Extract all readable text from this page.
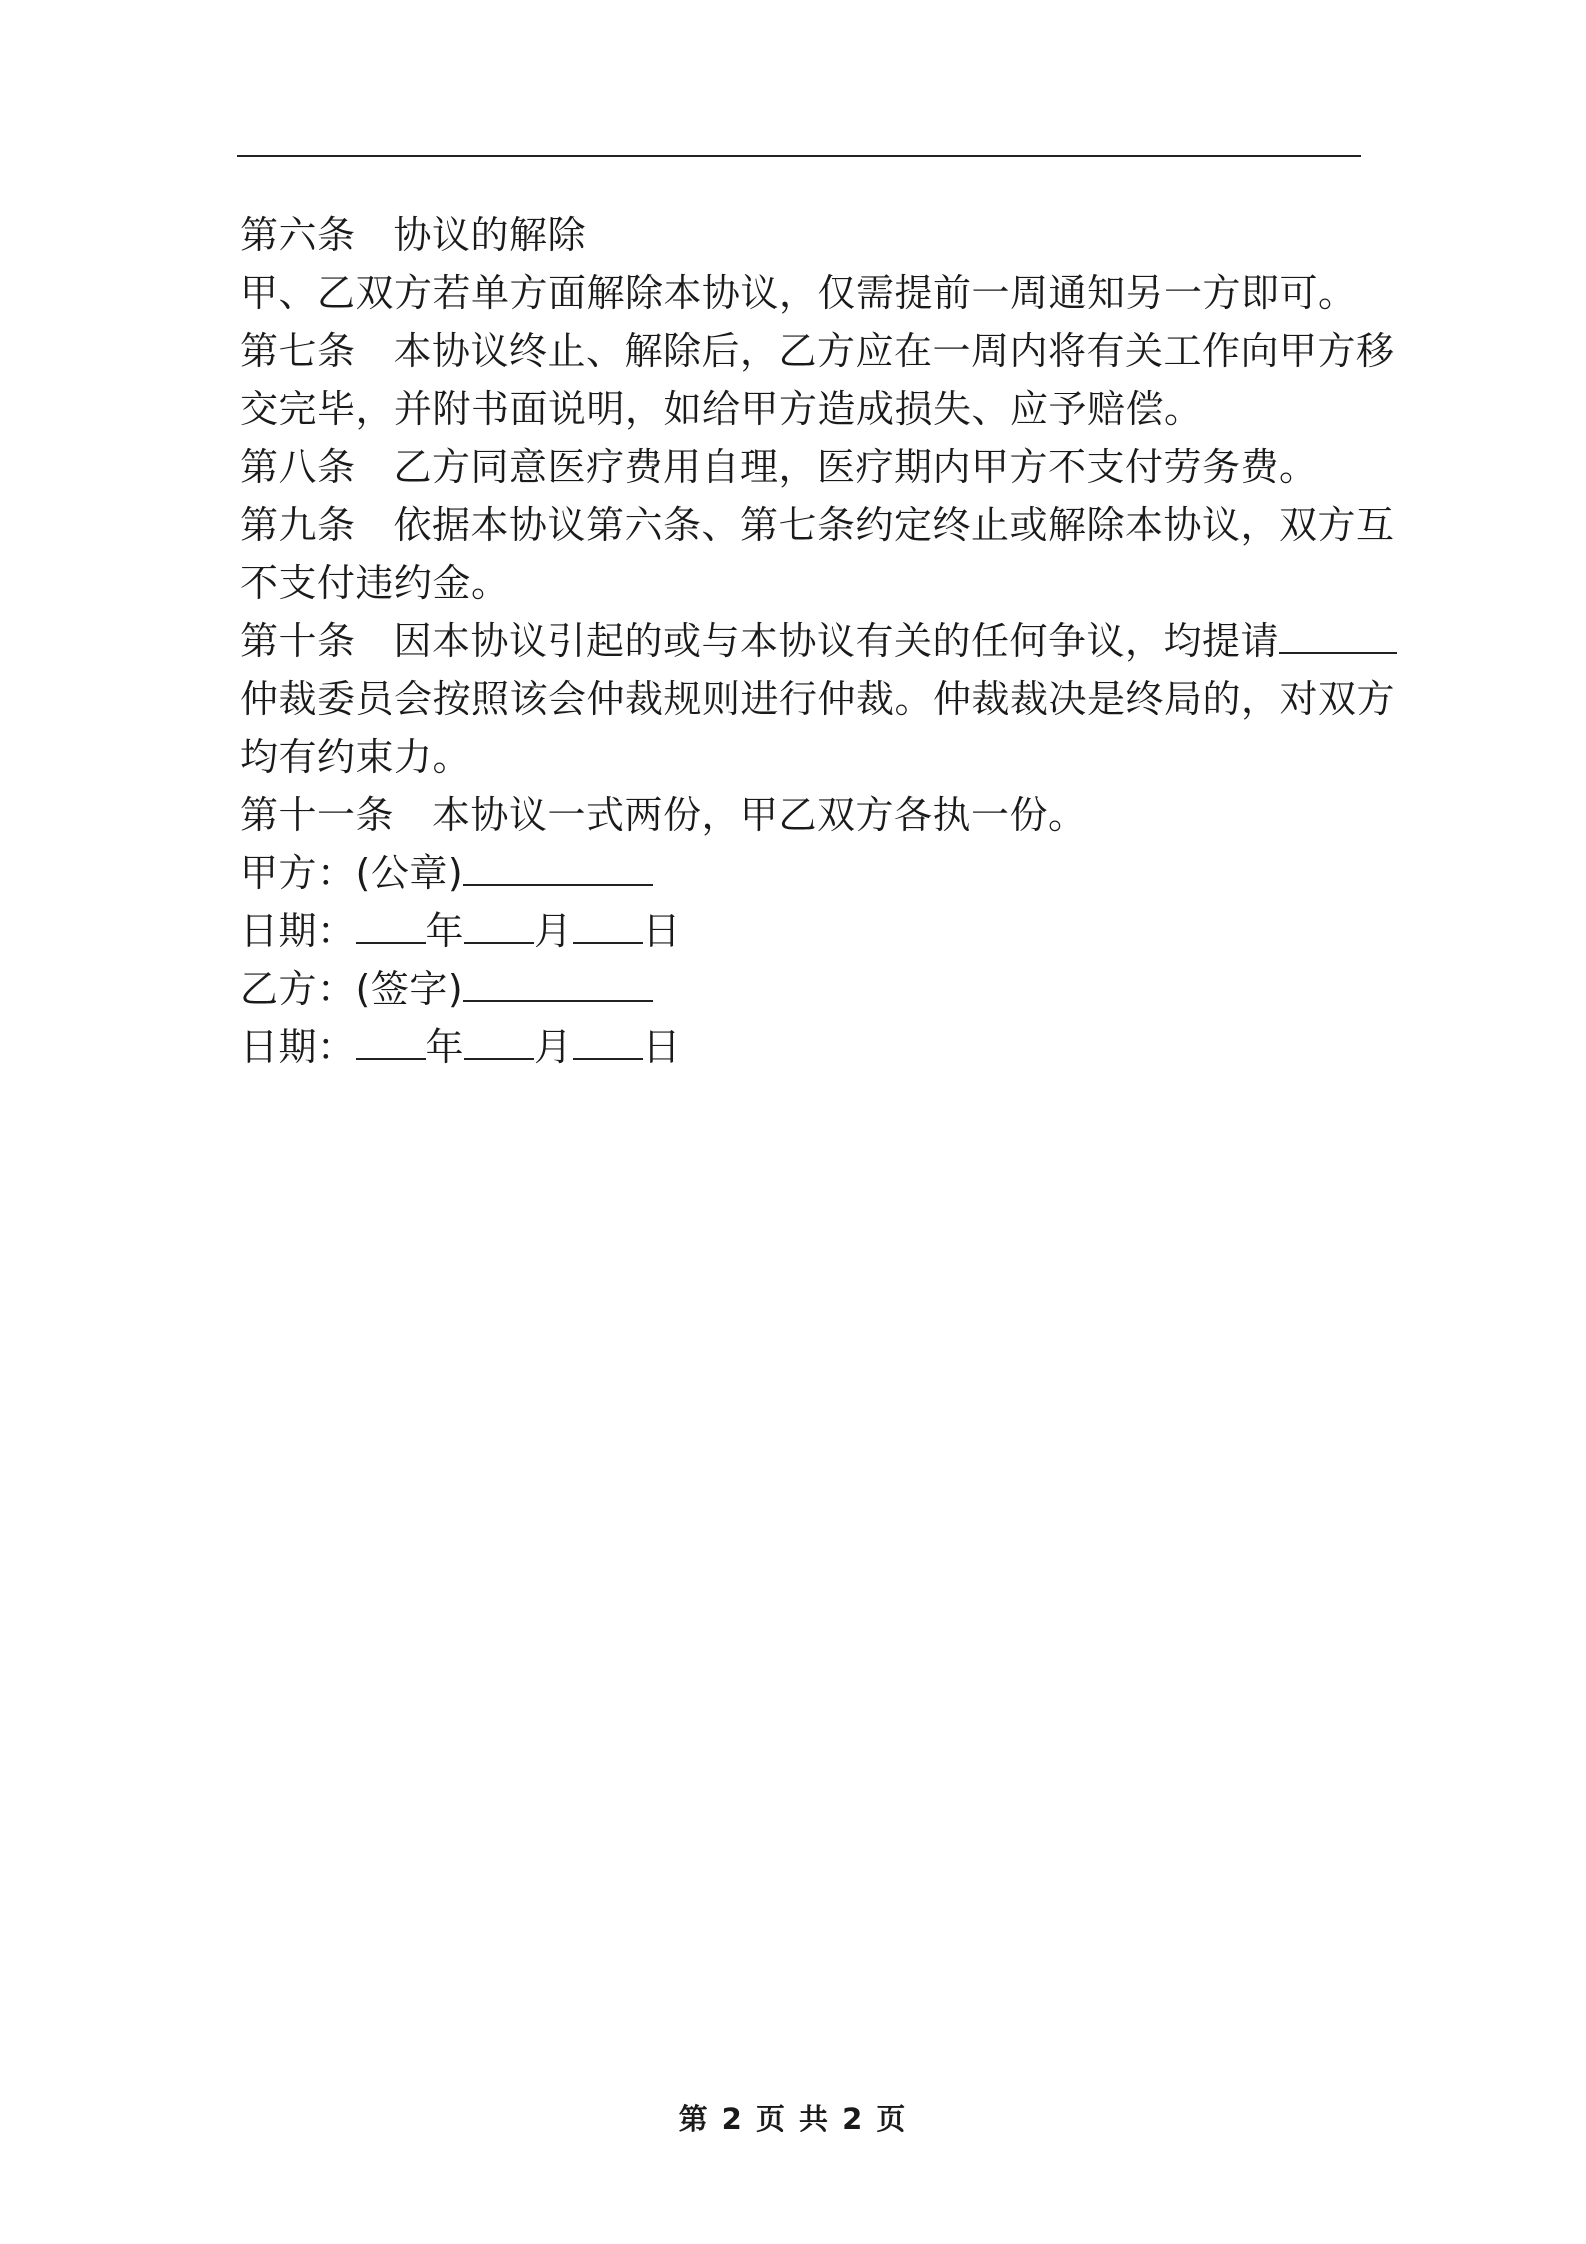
第六条 协议的解除
甲、乙双方若单方面解除本协议，仅需提前一周通知另一方即可。
第七条 本协议终止、解除后，乙方应在一周内将有关工作向甲方移
交完毕，并附书面说明，如给甲方造成损失、应予赔偿。
第八条 乙方同意医疗费用自理，医疗期内甲方不支付劳务费。
第九条 依据本协议第六条、第七条约定终止或解除本协议，双方互
不支付违约金。
第十条 因本协议引起的或与本协议有关的任何争议，均提请
仲裁委员会按照该会仲裁规则进行仲裁。仲裁裁决是终局的，对双方
均有约束力。
第十一条 本协议一式两份，甲乙双方各执一份。
甲方：(公章)
日期： 年 月 日
乙方：(签字)
日期： 年 月 日
第 2 页 共 2 页
